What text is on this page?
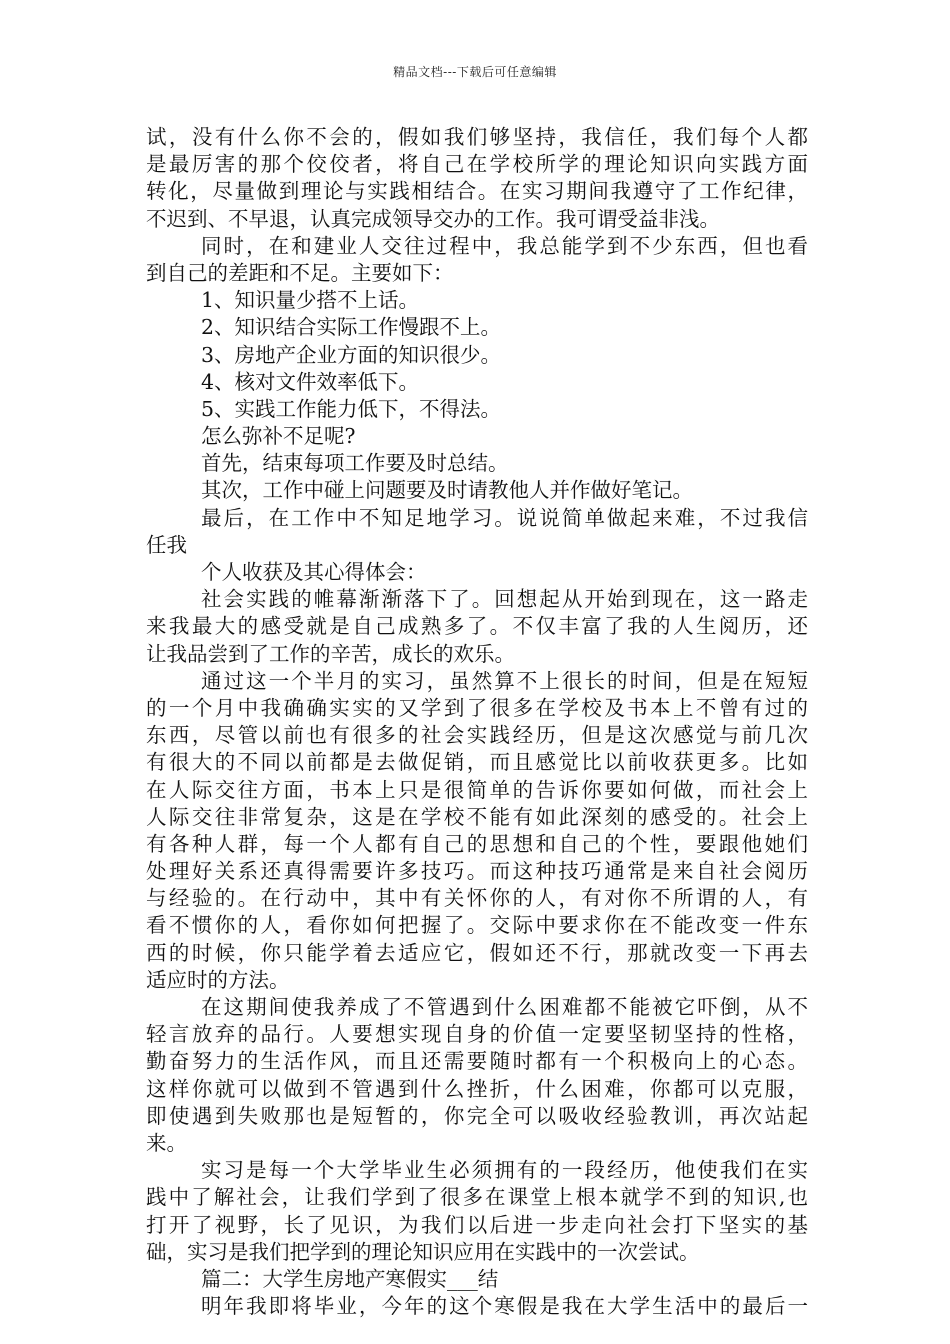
精品文档---下载后可任意编辑
试，没有什么你不会的，假如我们够坚持，我信任，我们每个人都
是最厉害的那个佼佼者，将自己在学校所学的理论知识向实践方面
转化，尽量做到理论与实践相结合。在实习期间我遵守了工作纪律，
不迟到、不早退，认真完成领导交办的工作。我可谓受益非浅。
同时，在和建业人交往过程中，我总能学到不少东西，但也看
到自己的差距和不足。主要如下：
1、知识量少搭不上话。
2、知识结合实际工作慢跟不上。
3、房地产企业方面的知识很少。
4、核对文件效率低下。
5、实践工作能力低下，不得法。
怎么弥补不足呢?
首先，结束每项工作要及时总结。
其次，工作中碰上问题要及时请教他人并作做好笔记。
最后，在工作中不知足地学习。说说简单做起来难，不过我信
任我
个人收获及其心得体会：
社会实践的帷幕渐渐落下了。回想起从开始到现在，这一路走
来我最大的感受就是自己成熟多了。不仅丰富了我的人生阅历，还
让我品尝到了工作的辛苦，成长的欢乐。
通过这一个半月的实习，虽然算不上很长的时间，但是在短短
的一个月中我确确实实的又学到了很多在学校及书本上不曾有过的
东西，尽管以前也有很多的社会实践经历，但是这次感觉与前几次
有很大的不同以前都是去做促销，而且感觉比以前收获更多。比如
在人际交往方面，书本上只是很简单的告诉你要如何做，而社会上
人际交往非常复杂，这是在学校不能有如此深刻的感受的。社会上
有各种人群，每一个人都有自己的思想和自己的个性，要跟他她们
处理好关系还真得需要许多技巧。而这种技巧通常是来自社会阅历
与经验的。在行动中，其中有关怀你的人，有对你不所谓的人，有
看不惯你的人，看你如何把握了。交际中要求你在不能改变一件东
西的时候，你只能学着去适应它，假如还不行，那就改变一下再去
适应时的方法。
在这期间使我养成了不管遇到什么困难都不能被它吓倒，从不
轻言放弃的品行。人要想实现自身的价值一定要坚韧坚持的性格，
勤奋努力的生活作风，而且还需要随时都有一个积极向上的心态。
这样你就可以做到不管遇到什么挫折，什么困难，你都可以克服，
即使遇到失败那也是短暂的，你完全可以吸收经验教训，再次站起
来。
实习是每一个大学毕业生必须拥有的一段经历，他使我们在实
践中了解社会，让我们学到了很多在课堂上根本就学不到的知识,也
打开了视野，长了见识，为我们以后进一步走向社会打下坚实的基
础，实习是我们把学到的理论知识应用在实践中的一次尝试。
篇二：大学生房地产寒假实___结
明年我即将毕业，今年的这个寒假是我在大学生活中的最后一
